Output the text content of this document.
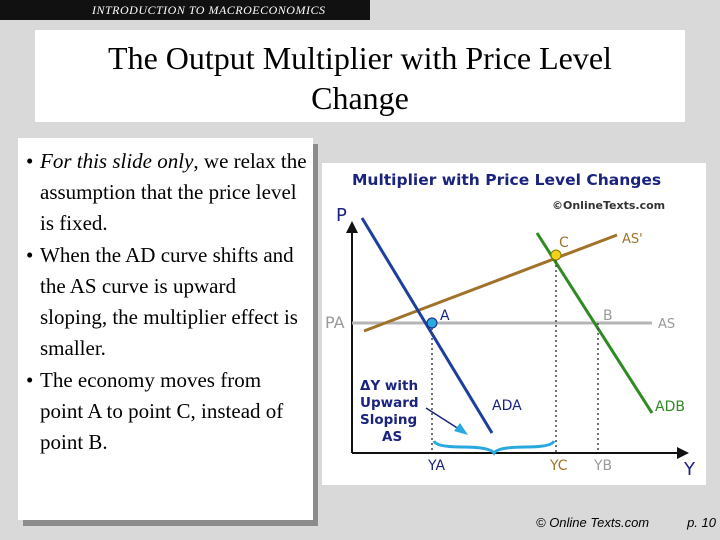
INTRODUCTION TO MACROECONOMICS
The Output Multiplier with Price Level
Change
• For this slide only, we relax the assumption that the price level is fixed.
• When the AD curve shifts and the AS curve is upward sloping, the multiplier effect is smaller.
• The economy moves from point A to point C, instead of point B.
Multiplier with Price Level Changes
©OnlineTexts.com
P
Y
PA	AS
AS'
ADA	ADB
A	B
C
YA	YC YB
ΔY with
Upward
Sloping
AS
© Online Texts.com	p. 10
